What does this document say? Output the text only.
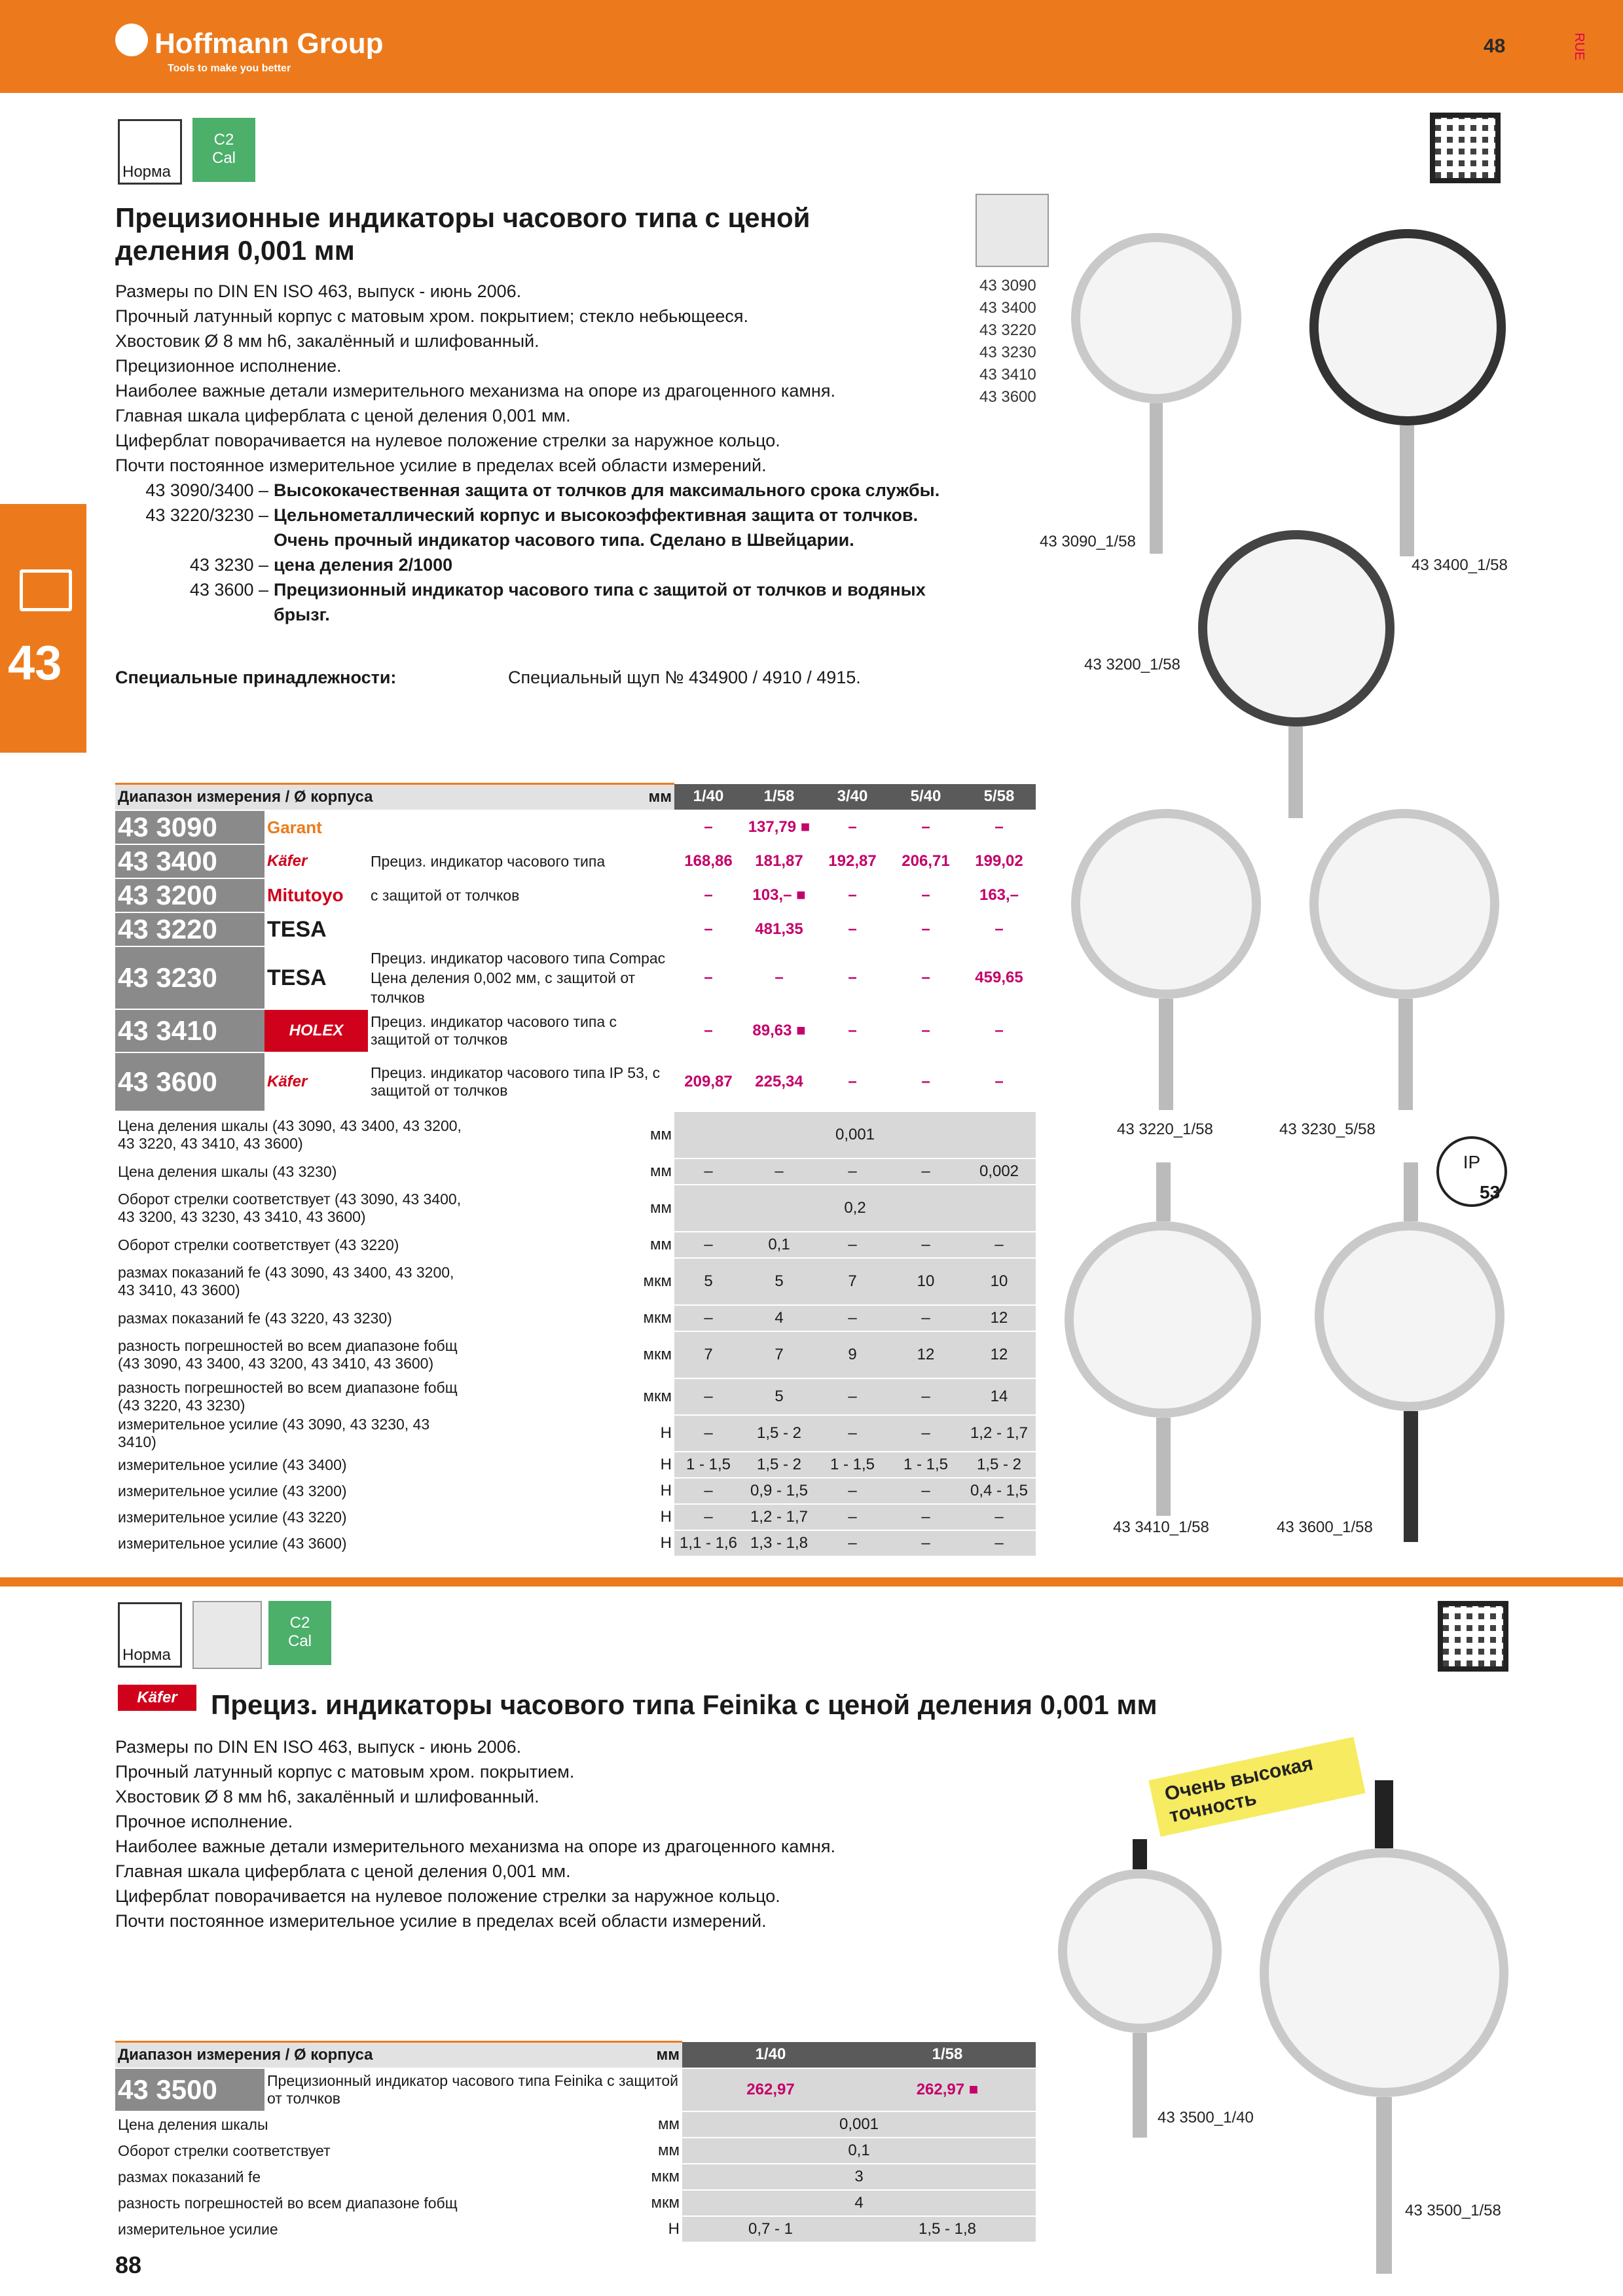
Hoffmann Group
Tools to make you better
48	RUE
43
Норма
C2
Cal
Прецизионные индикаторы часового типа с ценой деления 0,001 мм
Размеры по DIN EN ISO 463, выпуск - июнь 2006.
Прочный латунный корпус с матовым хром. покрытием; стекло небьющееся.
Хвостовик Ø 8 мм h6, закалённый и шлифованный.
Прецизионное исполнение.
Наиболее важные детали измерительного механизма на опоре из драгоценного камня.
Главная шкала циферблата с ценой деления 0,001 мм.
Циферблат поворачивается на нулевое положение стрелки за наружное кольцо.
Почти постоянное измерительное усилие в пределах всей области измерений.
43 3090/3400 – Высококачественная защита от толчков для максимального срока службы.
43 3220/3230 – Цельнометаллический корпус и высокоэффективная защита от толчков. Очень прочный индикатор часового типа. Сделано в Швейцарии.
43 3230 – цена деления 2/1000
43 3600 – Прецизионный индикатор часового типа с защитой от толчков и водяных брызг.
Специальные принадлежности:	Специальный щуп № 434900 / 4910 / 4915.
43 3090
43 3400
43 3220
43 3230
43 3410
43 3600
43 3090_1/58
43 3400_1/58
43 3200_1/58
43 3220_1/58	43 3230_5/58
IP
53
43 3410_1/58	43 3600_1/58
Диапазон измерения / Ø корпуса			мм	1/40	1/58	3/40	5/40	5/58
43 3090	Garant			–	137,79 ■	–	–	–
43 3400	Käfer	Прециз. индикатор часового типа		168,86	181,87	192,87	206,71	199,02
43 3200	Mitutoyo	с защитой от толчков		–	103,– ■	–	–	163,–
43 3220	TESA			–	481,35	–	–	–
43 3230	TESA	Прециз. индикатор часового типа Compac Цена деления 0,002 мм, с защитой от толчков		–	–	–	–	459,65
43 3410	HOLEX	Прециз. индикатор часового типа с защитой от толчков		–	89,63 ■	–	–	–
43 3600	Käfer	Прециз. индикатор часового типа IP 53, с защитой от толчков		209,87	225,34	–	–	–
Цена деления шкалы (43 3090, 43 3400, 43 3200, 43 3220, 43 3410, 43 3600)			мм	0,001				
Цена деления шкалы (43 3230)			мм	–	–	–	–	0,002
Оборот стрелки соответствует (43 3090, 43 3400, 43 3200, 43 3230, 43 3410, 43 3600)			мм	0,2				
Оборот стрелки соответствует (43 3220)			мм	–	0,1	–	–	–
размах показаний fe (43 3090, 43 3400, 43 3200, 43 3410, 43 3600)			мкм	5	5	7	10	10
размах показаний fe (43 3220, 43 3230)			мкм	–	4	–	–	12
разность погрешностей во всем диапазоне fобщ (43 3090, 43 3400, 43 3200, 43 3410, 43 3600)			мкм	7	7	9	12	12
разность погрешностей во всем диапазоне fобщ (43 3220, 43 3230)			мкм	–	5	–	–	14
измерительное усилие (43 3090, 43 3230, 43 3410)			Н	–	1,5 - 2	–	–	1,2 - 1,7
измерительное усилие (43 3400)			Н	1 - 1,5	1,5 - 2	1 - 1,5	1 - 1,5	1,5 - 2
измерительное усилие (43 3200)			Н	–	0,9 - 1,5	–	–	0,4 - 1,5
измерительное усилие (43 3220)			Н	–	1,2 - 1,7	–	–	–
измерительное усилие (43 3600)			Н	1,1 - 1,6	1,3 - 1,8	–	–	–
Норма
C2
Cal
Käfer	Прециз. индикаторы часового типа Feinika с ценой деления 0,001 мм
Размеры по DIN EN ISO 463, выпуск - июнь 2006.
Прочный латунный корпус с матовым хром. покрытием.
Хвостовик Ø 8 мм h6, закалённый и шлифованный.
Прочное исполнение.
Наиболее важные детали измерительного механизма на опоре из драгоценного камня.
Главная шкала циферблата с ценой деления 0,001 мм.
Циферблат поворачивается на нулевое положение стрелки за наружное кольцо.
Почти постоянное измерительное усилие в пределах всей области измерений.
Очень высокая точность
43 3500_1/40
43 3500_1/58
Диапазон измерения / Ø корпуса		мм	1/40	1/58
43 3500	Прецизионный индикатор часового типа Feinika с защитой от толчков		262,97	262,97 ■
Цена деления шкалы		мм	0,001	
Оборот стрелки соответствует		мм	0,1	
размах показаний fe		мкм	3	
разность погрешностей во всем диапазоне fобщ		мкм	4	
измерительное усилие		Н	0,7 - 1	1,5 - 1,8
88
